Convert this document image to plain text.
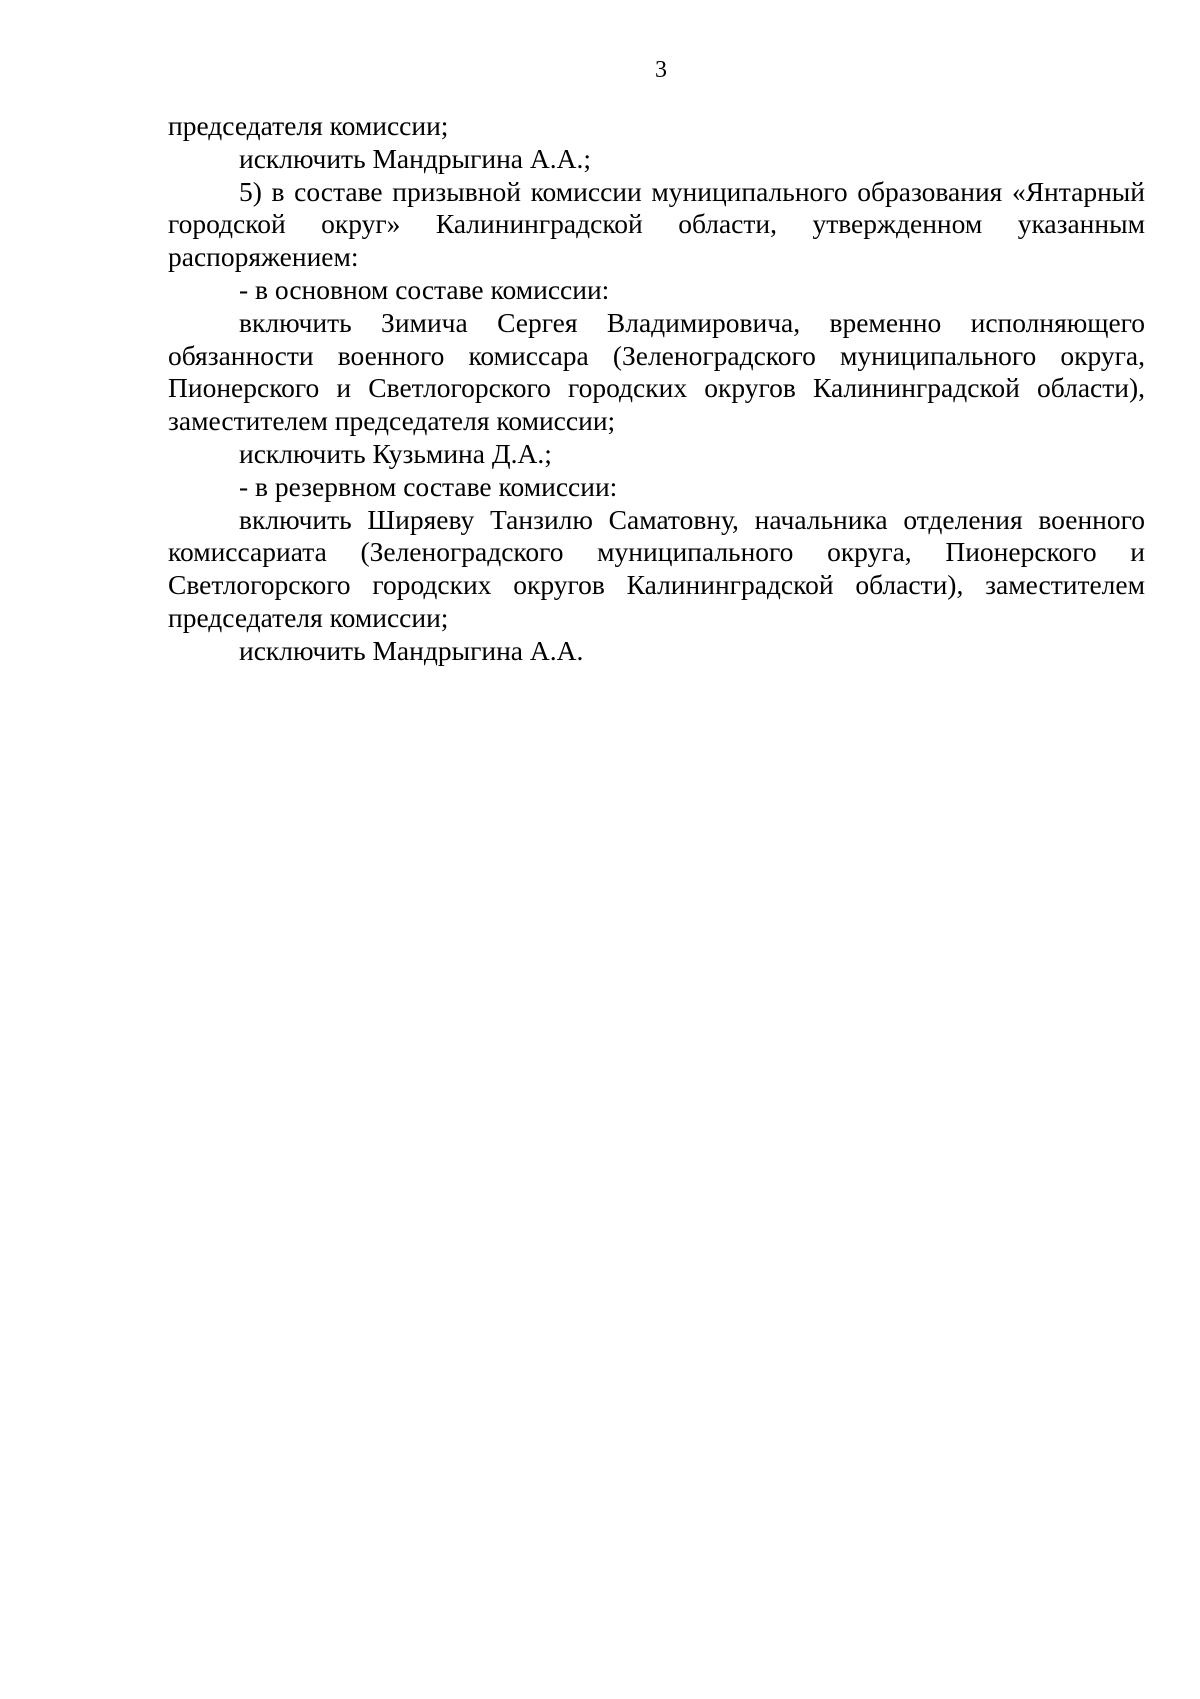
3

председателя комиссии;

исключить Мандрыгина А.А.;

5) в составе призывной комиссии муниципального образования «Янтарный городской округ» Калининградской области, утвержденном указанным распоряжением:

- в основном составе комиссии:

включить Зимича Сергея Владимировича, временно исполняющего обязанности военного комиссара (Зеленоградского муниципального округа, Пионерского и Светлогорского городских округов Калининградской области), заместителем председателя комиссии;

исключить Кузьмина Д.А.;

- в резервном составе комиссии:

включить Ширяеву Танзилю Саматовну, начальника отделения военного комиссариата (Зеленоградского муниципального округа, Пионерского и Светлогорского городских округов Калининградской области), заместителем председателя комиссии;

исключить Мандрыгина А.А.
